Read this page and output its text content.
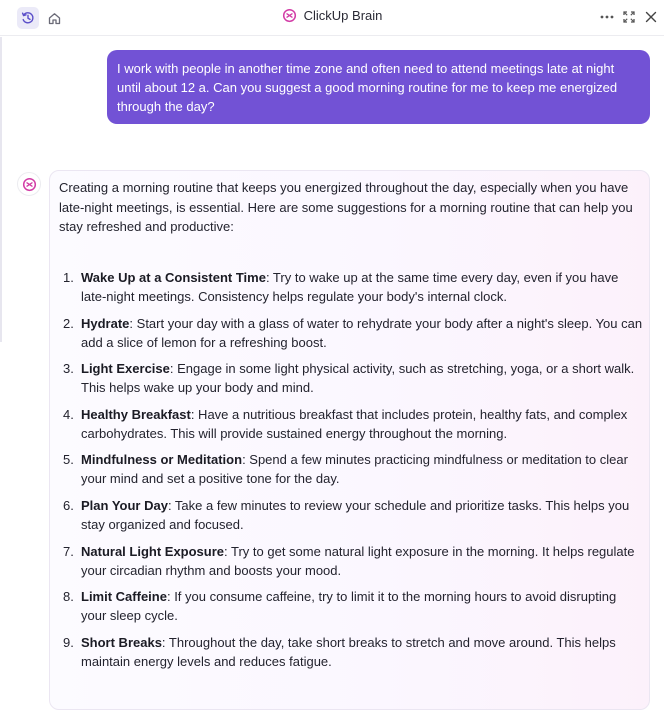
ClickUp Brain
I work with people in another time zone and often need to attend meetings late at night until about 12 a. Can you suggest a good morning routine for me to keep me energized through the day?
Creating a morning routine that keeps you energized throughout the day, especially when you have late-night meetings, is essential. Here are some suggestions for a morning routine that can help you stay refreshed and productive:
1. Wake Up at a Consistent Time: Try to wake up at the same time every day, even if you have late-night meetings. Consistency helps regulate your body's internal clock.
2. Hydrate: Start your day with a glass of water to rehydrate your body after a night's sleep. You can add a slice of lemon for a refreshing boost.
3. Light Exercise: Engage in some light physical activity, such as stretching, yoga, or a short walk. This helps wake up your body and mind.
4. Healthy Breakfast: Have a nutritious breakfast that includes protein, healthy fats, and complex carbohydrates. This will provide sustained energy throughout the morning.
5. Mindfulness or Meditation: Spend a few minutes practicing mindfulness or meditation to clear your mind and set a positive tone for the day.
6. Plan Your Day: Take a few minutes to review your schedule and prioritize tasks. This helps you stay organized and focused.
7. Natural Light Exposure: Try to get some natural light exposure in the morning. It helps regulate your circadian rhythm and boosts your mood.
8. Limit Caffeine: If you consume caffeine, try to limit it to the morning hours to avoid disrupting your sleep cycle.
9. Short Breaks: Throughout the day, take short breaks to stretch and move around. This helps maintain energy levels and reduces fatigue.
